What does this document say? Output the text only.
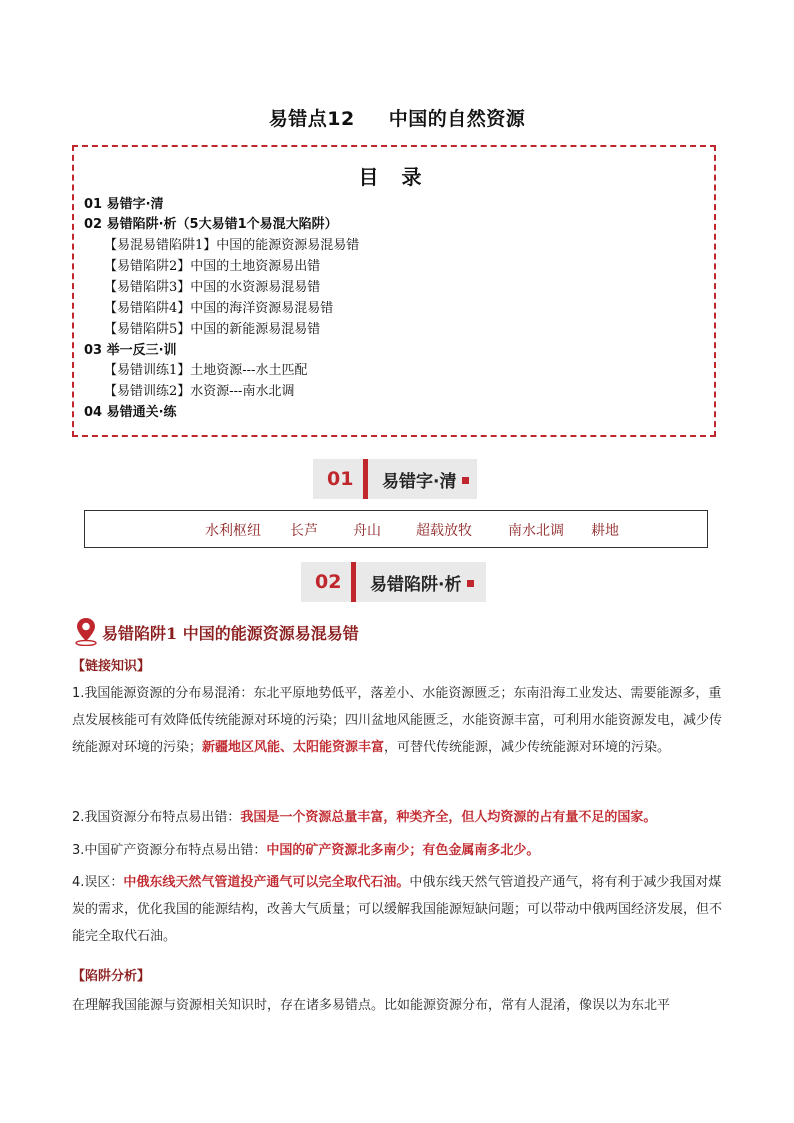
易错点12 中国的自然资源
目 录
01 易错字·清
02 易错陷阱·析（5大易错1个易混大陷阱）
【易混易错陷阱1】中国的能源资源易混易错
【易错陷阱2】中国的土地资源易出错
【易错陷阱3】中国的水资源易混易错
【易错陷阱4】中国的海洋资源易混易错
【易错陷阱5】中国的新能源易混易错
03 举一反三·训
【易错训练1】土地资源---水土匹配
【易错训练2】水资源---南水北调
04 易错通关·练
01	易错字·清
水利枢纽 长芦	舟山	超载放牧	南水北调 耕地
02	易错陷阱·析
易错陷阱1 中国的能源资源易混易错
【链接知识】

1.我国能源资源的分布易混淆：东北平原地势低平，落差小、水能资源匮乏；东南沿海工业发达、需要能源多，重点发展核能可有效降低传统能源对环境的污染；四川盆地风能匮乏，水能资源丰富，可利用水能资源发电，减少传统能源对环境的污染；新疆地区风能、太阳能资源丰富，可替代传统能源，减少传统能源对环境的污染。

2.我国资源分布特点易出错：我国是一个资源总量丰富，种类齐全，但人均资源的占有量不足的国家。

3.中国矿产资源分布特点易出错：中国的矿产资源北多南少；有色金属南多北少。

4.误区：中俄东线天然气管道投产通气可以完全取代石油。中俄东线天然气管道投产通气，将有利于减少我国对煤炭的需求，优化我国的能源结构，改善大气质量；可以缓解我国能源短缺问题；可以带动中俄两国经济发展，但不能完全取代石油。

【陷阱分析】

在理解我国能源与资源相关知识时，存在诸多易错点。比如能源资源分布，常有人混淆，像误以为东北平
